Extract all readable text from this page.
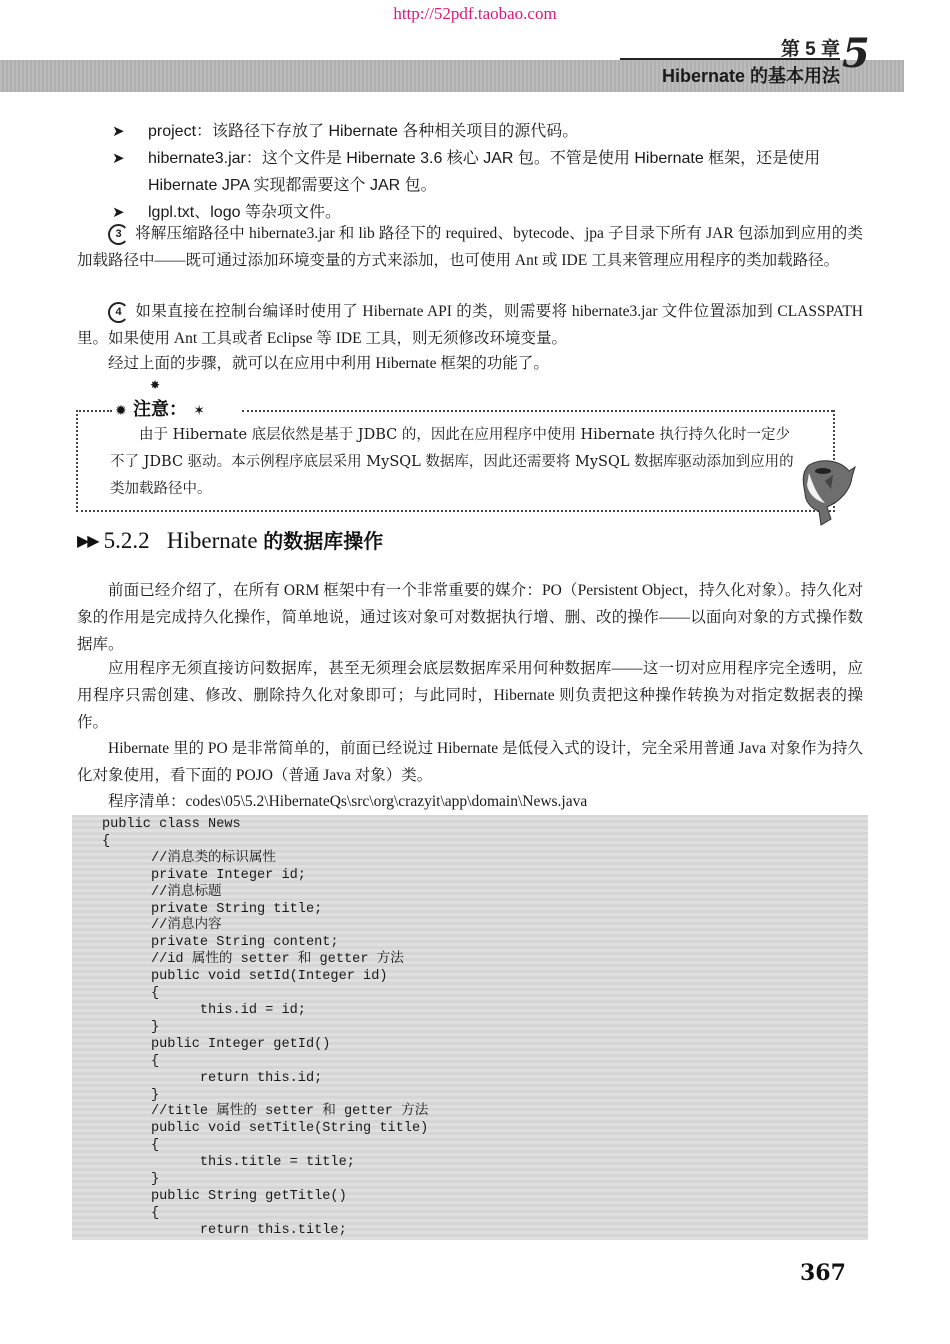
http://52pdf.taobao.com
第 5 章
Hibernate 的基本用法 5
➤ project：该路径下存放了 Hibernate 各种相关项目的源代码。
➤ hibernate3.jar：这个文件是 Hibernate 3.6 核心 JAR 包。不管是使用 Hibernate 框架，还是使用 Hibernate JPA 实现都需要这个 JAR 包。
➤ lgpl.txt、logo 等杂项文件。
3 将解压缩路径中 hibernate3.jar 和 lib 路径下的 required、bytecode、jpa 子目录下所有 JAR 包添加到应用的类加载路径中——既可通过添加环境变量的方式来添加，也可使用 Ant 或 IDE 工具来管理应用程序的类加载路径。
4 如果直接在控制台编译时使用了 Hibernate API 的类，则需要将 hibernate3.jar 文件位置添加到 CLASSPATH 里。如果使用 Ant 工具或者 Eclipse 等 IDE 工具，则无须修改环境变量。
经过上面的步骤，就可以在应用中利用 Hibernate 框架的功能了。
✸
✹ 注意： ✶
由于 Hibernate 底层依然是基于 JDBC 的，因此在应用程序中使用 Hibernate 执行持久化时一定少不了 JDBC 驱动。本示例程序底层采用 MySQL 数据库，因此还需要将 MySQL 数据库驱动添加到应用的类加载路径中。
▶▶ 5.2.2 Hibernate 的数据库操作
前面已经介绍了，在所有 ORM 框架中有一个非常重要的媒介：PO（Persistent Object，持久化对象）。持久化对象的作用是完成持久化操作，简单地说，通过该对象可对数据执行增、删、改的操作——以面向对象的方式操作数据库。
应用程序无须直接访问数据库，甚至无须理会底层数据库采用何种数据库——这一切对应用程序完全透明，应用程序只需创建、修改、删除持久化对象即可；与此同时，Hibernate 则负责把这种操作转换为对指定数据表的操作。
Hibernate 里的 PO 是非常简单的，前面已经说过 Hibernate 是低侵入式的设计，完全采用普通 Java 对象作为持久化对象使用，看下面的 POJO（普通 Java 对象）类。
程序清单：codes\05\5.2\HibernateQs\src\org\crazyit\app\domain\News.java
public class News
{
//消息类的标识属性
private Integer id;
//消息标题
private String title;
//消息内容
private String content;
//id 属性的 setter 和 getter 方法
public void setId(Integer id)
{
this.id = id;
}
public Integer getId()
{
return this.id;
}
//title 属性的 setter 和 getter 方法
public void setTitle(String title)
{
this.title = title;
}
public String getTitle()
{
return this.title;
367
